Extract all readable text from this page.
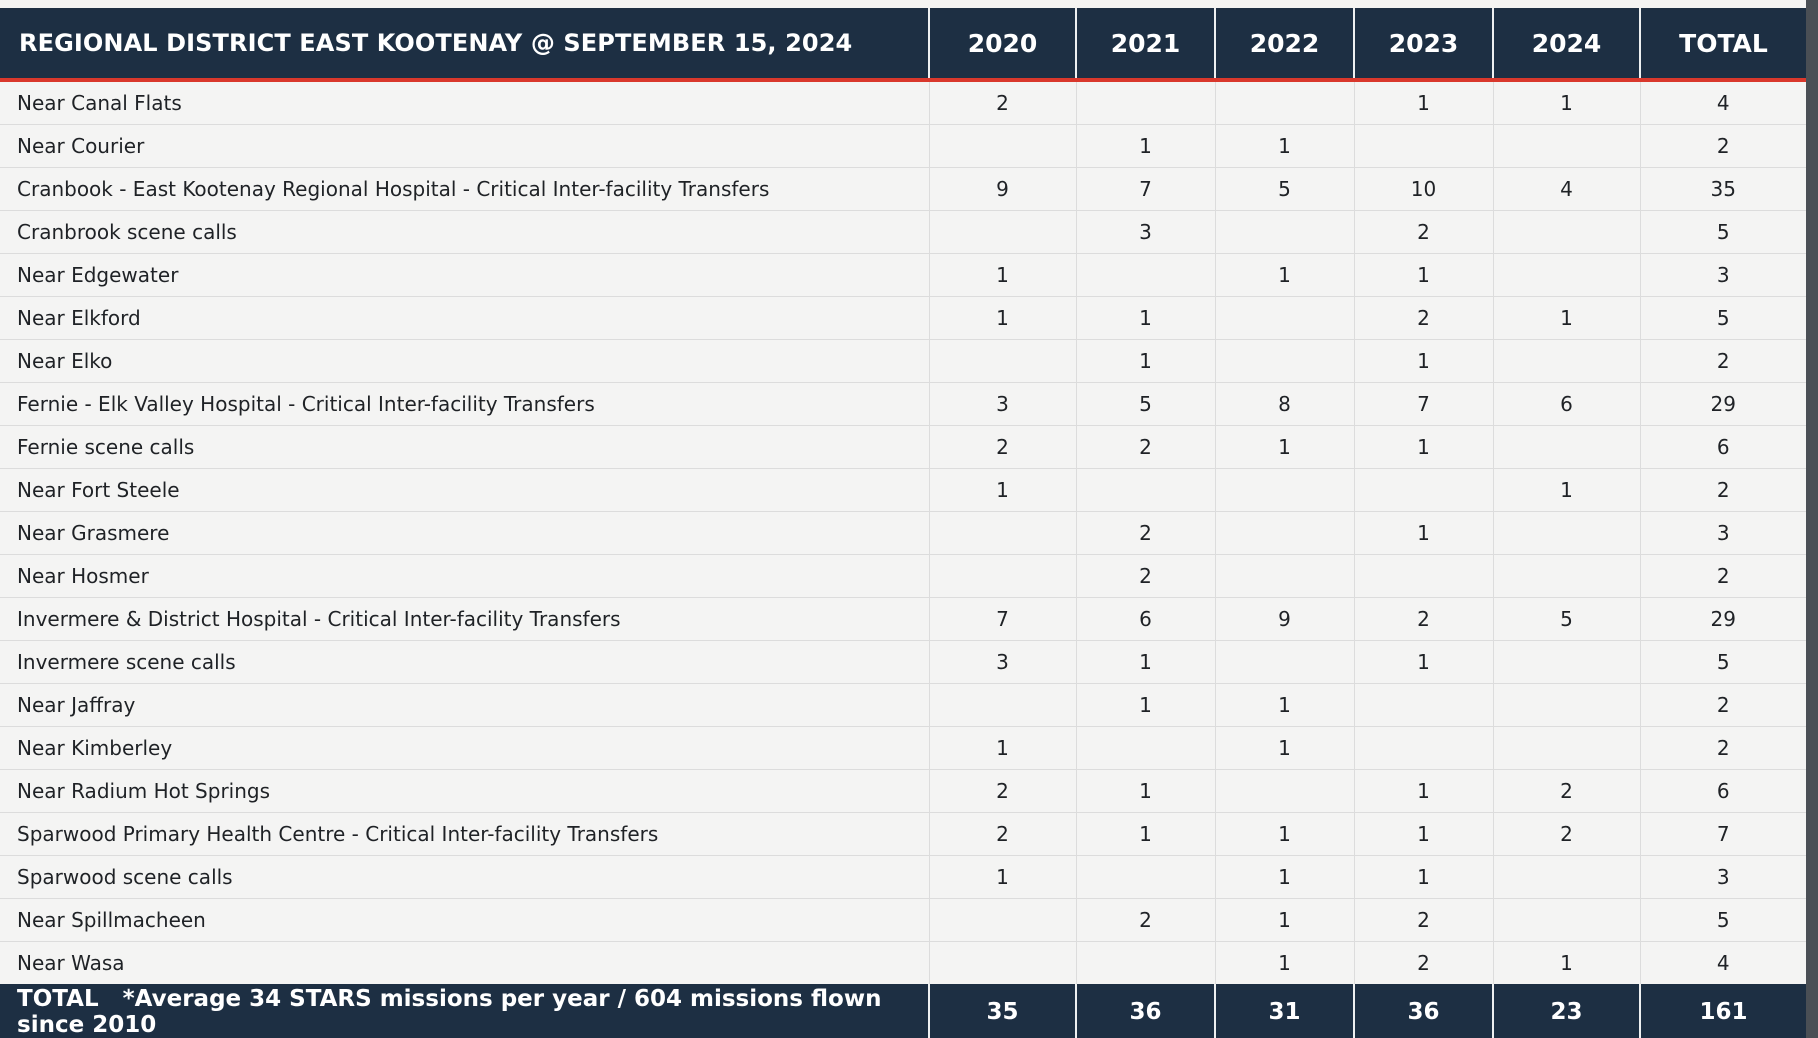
REGIONAL DISTRICT EAST KOOTENAY @ SEPTEMBER 15, 2024	2020	2021	2022	2023	2024	TOTAL
Near Canal Flats	2			1	1	4
Near Courier		1	1			2
Cranbook - East Kootenay Regional Hospital - Critical Inter-facility Transfers	9	7	5	10	4	35
Cranbrook scene calls		3		2		5
Near Edgewater	1		1	1		3
Near Elkford	1	1		2	1	5
Near Elko		1		1		2
Fernie - Elk Valley Hospital - Critical Inter-facility Transfers	3	5	8	7	6	29
Fernie scene calls	2	2	1	1		6
Near Fort Steele	1				1	2
Near Grasmere		2		1		3
Near Hosmer		2				2
Invermere & District Hospital - Critical Inter-facility Transfers	7	6	9	2	5	29
Invermere scene calls	3	1		1		5
Near Jaffray		1	1			2
Near Kimberley	1		1			2
Near Radium Hot Springs	2	1		1	2	6
Sparwood Primary Health Centre - Critical Inter-facility Transfers	2	1	1	1	2	7
Sparwood scene calls	1		1	1		3
Near Spillmacheen		2	1	2		5
Near Wasa			1	2	1	4
TOTAL *Average 34 STARS missions per year / 604 missions flown since 2010	35	36	31	36	23	161
